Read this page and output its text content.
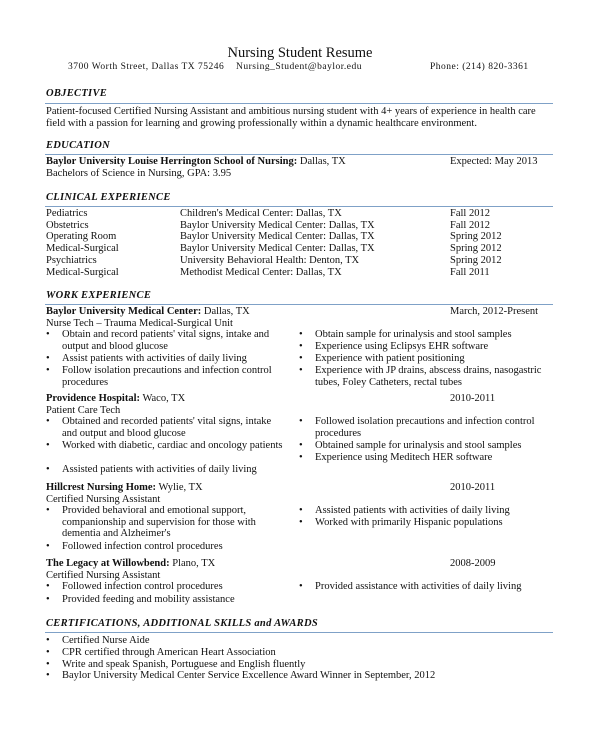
Nursing Student Resume
3700 Worth Street, Dallas TX 75246 Nursing_Student@baylor.edu	Phone: (214) 820-3361
OBJECTIVE
Patient-focused Certified Nursing Assistant and ambitious nursing student with 4+ years of experience in health care field with a passion for learning and growing professionally within a dynamic healthcare environment.
EDUCATION
Baylor University Louise Herrington School of Nursing: Dallas, TX	Expected: May 2013
Bachelors of Science in Nursing, GPA: 3.95
CLINICAL EXPERIENCE
Pediatrics	Children's Medical Center: Dallas, TX	Fall 2012
Obstetrics	Baylor University Medical Center: Dallas, TX	Fall 2012
Operating Room	Baylor University Medical Center: Dallas, TX	Spring 2012
Medical-Surgical	Baylor University Medical Center: Dallas, TX	Spring 2012
Psychiatrics	University Behavioral Health: Denton, TX	Spring 2012
Medical-Surgical	Methodist Medical Center: Dallas, TX	Fall 2011
WORK EXPERIENCE
Baylor University Medical Center: Dallas, TX	March, 2012-Present
Nurse Tech – Trauma Medical-Surgical Unit
• Obtain and record patients' vital signs, intake and output and blood glucose
• Assist patients with activities of daily living
• Follow isolation precautions and infection control procedures
• Obtain sample for urinalysis and stool samples
• Experience using Eclipsys EHR software
• Experience with patient positioning
• Experience with JP drains, abscess drains, nasogastric tubes, Foley Catheters, rectal tubes
Providence Hospital: Waco, TX	2010-2011
Patient Care Tech
• Obtained and recorded patients' vital signs, intake and output and blood glucose
• Worked with diabetic, cardiac and oncology patients
• Assisted patients with activities of daily living
• Followed isolation precautions and infection control procedures
• Obtained sample for urinalysis and stool samples
• Experience using Meditech HER software
Hillcrest Nursing Home: Wylie, TX	2010-2011
Certified Nursing Assistant
• Provided behavioral and emotional support, companionship and supervision for those with dementia and Alzheimer's
• Followed infection control procedures
• Assisted patients with activities of daily living
• Worked with primarily Hispanic populations
The Legacy at Willowbend: Plano, TX	2008-2009
Certified Nursing Assistant
• Followed infection control procedures
• Provided feeding and mobility assistance
• Provided assistance with activities of daily living
CERTIFICATIONS, ADDITIONAL SKILLS and AWARDS
• Certified Nurse Aide
• CPR certified through American Heart Association
• Write and speak Spanish, Portuguese and English fluently
• Baylor University Medical Center Service Excellence Award Winner in September, 2012
